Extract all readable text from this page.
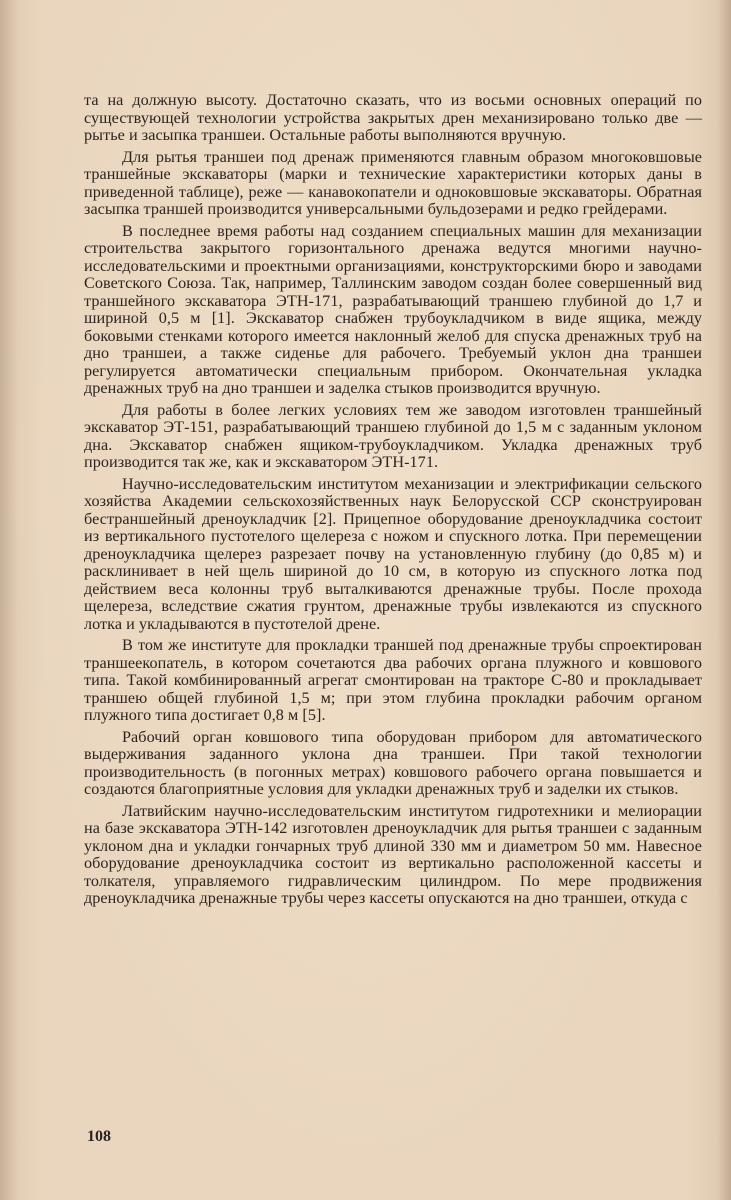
та на должную высоту. Достаточно сказать, что из восьми основных операций по существующей технологии устройства закрытых дрен механизировано только две — рытье и засыпка траншеи. Остальные работы выполняются вручную.

Для рытья траншеи под дренаж применяются главным образом многоковшовые траншейные экскаваторы (марки и технические характеристики которых даны в приведенной таблице), реже — канавокопатели и одноковшовые экскаваторы. Обратная засыпка траншей производится универсальными бульдозерами и редко грейдерами.

В последнее время работы над созданием специальных машин для механизации строительства закрытого горизонтального дренажа ведутся многими научно-исследовательскими и проектными организациями, конструкторскими бюро и заводами Советского Союза. Так, например, Таллинским заводом создан более совершенный вид траншейного экскаватора ЭТН-171, разрабатывающий траншею глубиной до 1,7 и шириной 0,5 м [1]. Экскаватор снабжен трубоукладчиком в виде ящика, между боковыми стенками которого имеется наклонный желоб для спуска дренажных труб на дно траншеи, а также сиденье для рабочего. Требуемый уклон дна траншеи регулируется автоматически специальным прибором. Окончательная укладка дренажных труб на дно траншеи и заделка стыков производится вручную.

Для работы в более легких условиях тем же заводом изготовлен траншейный экскаватор ЭТ-151, разрабатывающий траншею глубиной до 1,5 м с заданным уклоном дна. Экскаватор снабжен ящиком-трубоукладчиком. Укладка дренажных труб производится так же, как и экскаватором ЭТН-171.

Научно-исследовательским институтом механизации и электрификации сельского хозяйства Академии сельскохозяйственных наук Белорусской ССР сконструирован бестраншейный дреноукладчик [2]. Прицепное оборудование дреноукладчика состоит из вертикального пустотелого щелереза с ножом и спускного лотка. При перемещении дреноукладчика щелерез разрезает почву на установленную глубину (до 0,85 м) и расклинивает в ней щель шириной до 10 см, в которую из спускного лотка под действием веса колонны труб выталкиваются дренажные трубы. После прохода щелереза, вследствие сжатия грунтом, дренажные трубы извлекаются из спускного лотка и укладываются в пустотелой дрене.

В том же институте для прокладки траншей под дренажные трубы спроектирован траншеекопатель, в котором сочетаются два рабочих органа плужного и ковшового типа. Такой комбинированный агрегат смонтирован на тракторе С-80 и прокладывает траншею общей глубиной 1,5 м; при этом глубина прокладки рабочим органом плужного типа достигает 0,8 м [5].

Рабочий орган ковшового типа оборудован прибором для автоматического выдерживания заданного уклона дна траншеи. При такой технологии производительность (в погонных метрах) ковшового рабочего органа повышается и создаются благоприятные условия для укладки дренажных труб и заделки их стыков.

Латвийским научно-исследовательским институтом гидротехники и мелиорации на базе экскаватора ЭТН-142 изготовлен дреноукладчик для рытья траншеи с заданным уклоном дна и укладки гончарных труб длиной 330 мм и диаметром 50 мм. Навесное оборудование дреноукладчика состоит из вертикально расположенной кассеты и толкателя, управляемого гидравлическим цилиндром. По мере продвижения дреноукладчика дренажные трубы через кассеты опускаются на дно траншеи, откуда с

108
